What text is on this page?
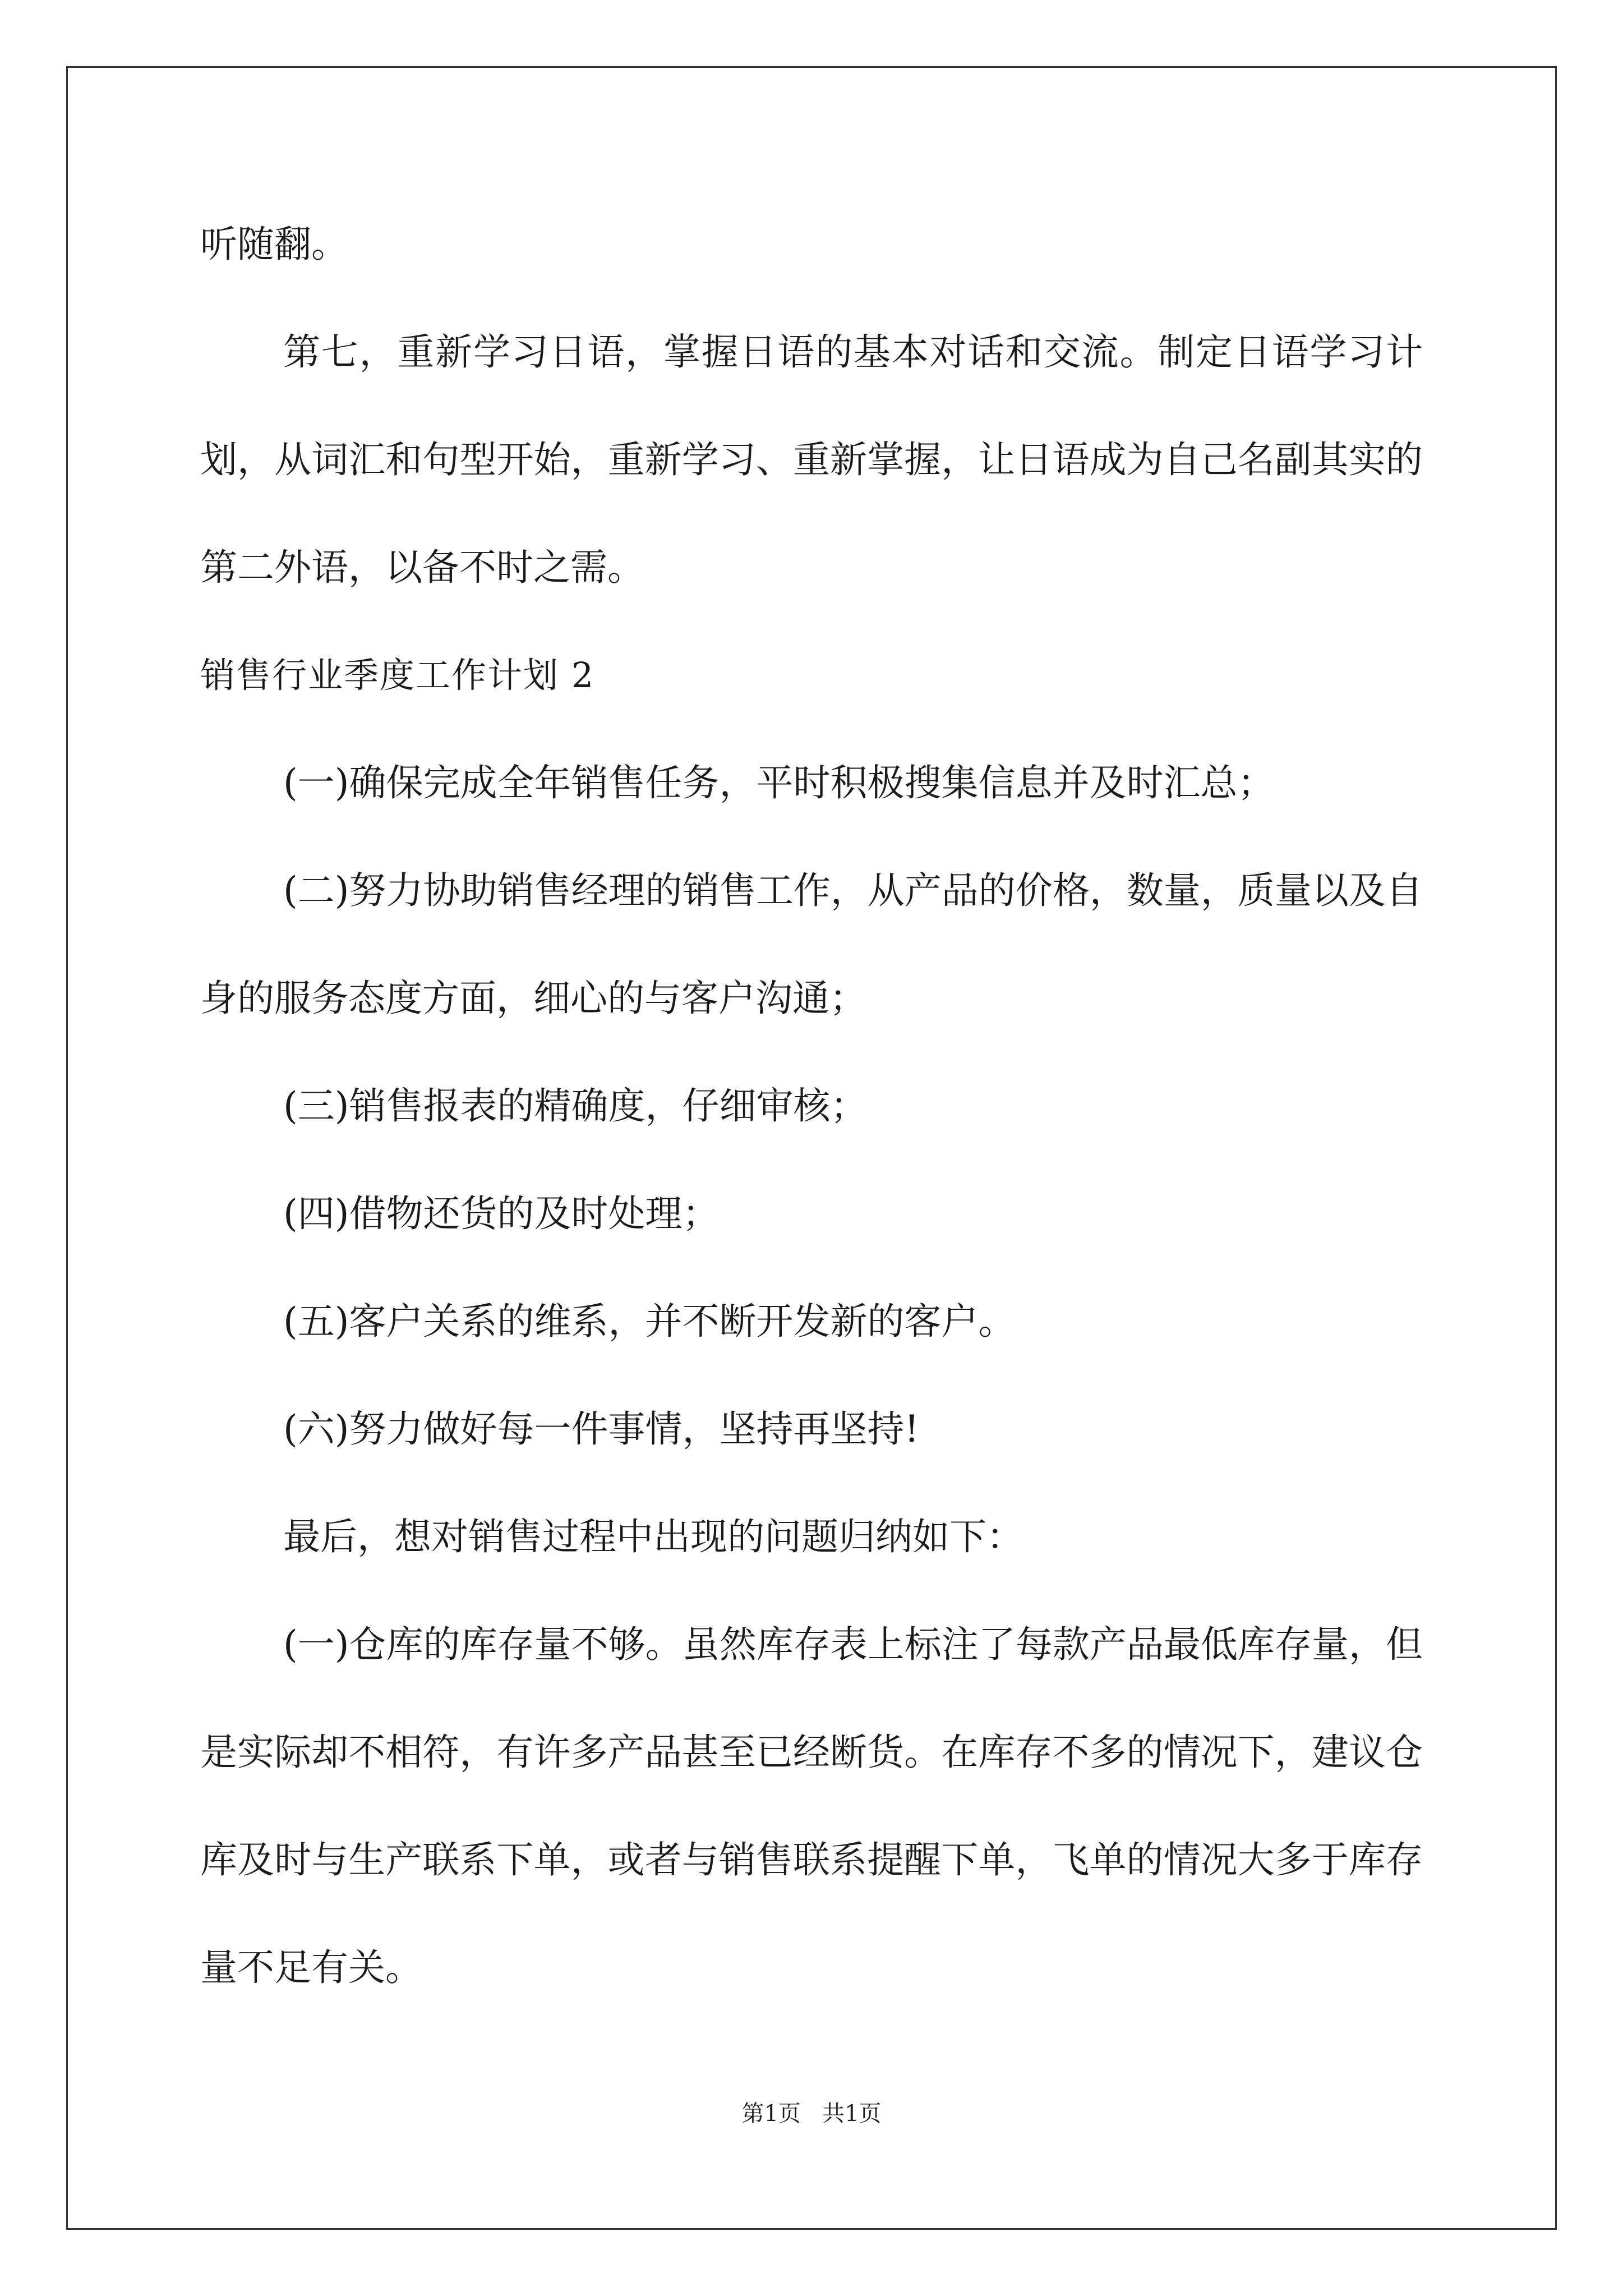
听随翻。

第七，重新学习日语，掌握日语的基本对话和交流。制定日语学习计划，从词汇和句型开始，重新学习、重新掌握，让日语成为自己名副其实的第二外语，以备不时之需。

销售行业季度工作计划 2

(一)确保完成全年销售任务，平时积极搜集信息并及时汇总；

(二)努力协助销售经理的销售工作，从产品的价格，数量，质量以及自身的服务态度方面，细心的与客户沟通；

(三)销售报表的精确度，仔细审核；

(四)借物还货的及时处理；

(五)客户关系的维系，并不断开发新的客户。

(六)努力做好每一件事情，坚持再坚持!

最后，想对销售过程中出现的问题归纳如下：

(一)仓库的库存量不够。虽然库存表上标注了每款产品最低库存量，但是实际却不相符，有许多产品甚至已经断货。在库存不多的情况下，建议仓库及时与生产联系下单，或者与销售联系提醒下单，飞单的情况大多于库存量不足有关。

第1页   共1页
